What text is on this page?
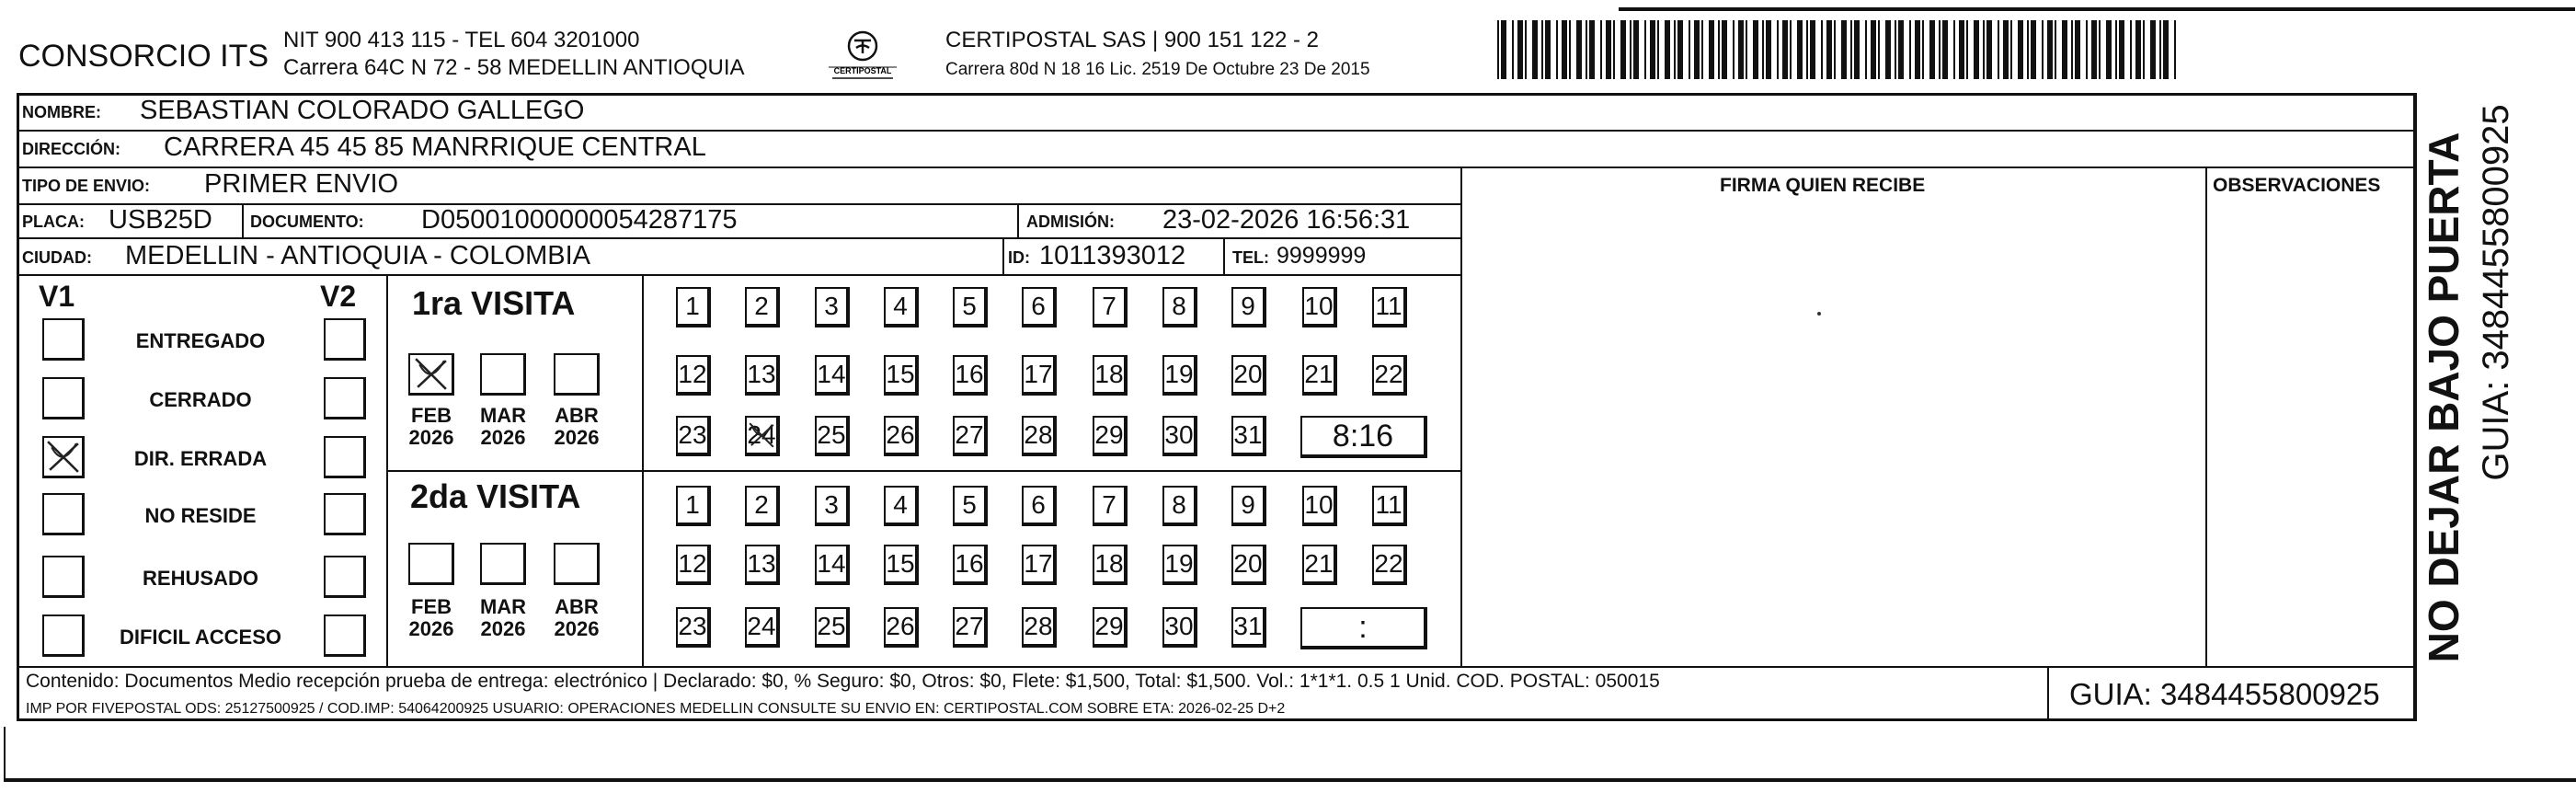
CONSORCIO ITS NIT 900 413 115 - TEL 604 3201000
Carrera 64C N 72 - 58 MEDELLIN ANTIOQUIA	CERTIPOSTAL
CERTIPOSTAL SAS | 900 151 122 - 2
Carrera 80d N 18 16 Lic. 2519 De Octubre 23 De 2015
NOMBRE: SEBASTIAN COLORADO GALLEGO
DIRECCIÓN: CARRERA 45 45 85 MANRRIQUE CENTRAL
TIPO DE ENVIO: PRIMER ENVIO
PLACA: USB25D DOCUMENTO: D05001000000054287175	ADMISIÓN: 23-02-2026 16:56:31
CIUDAD: MEDELLIN - ANTIOQUIA - COLOMBIA	ID: 1011393012	TEL: 9999999
FIRMA QUIEN RECIBE	OBSERVACIONES
V1	V2
ENTREGADO
CERRADO
DIR. ERRADA
NO RESIDE
REHUSADO
DIFICIL ACCESO
1ra VISITA
FEB
2026
MAR
2026
ABR
2026
1 2 3 4 5 6 7 8 9 10 11
12 13 14 15 16 17 18 19 20 21 22
23 24 25 26 27 28 29 30 31	8:16
2da VISITA
FEB
2026
MAR
2026
ABR
2026
1 2 3 4 5 6 7 8 9 10 11
12 13 14 15 16 17 18 19 20 21 22
23 24 25 26 27 28 29 30 31	:
Contenido: Documentos Medio recepción prueba de entrega: electrónico | Declarado: $0, % Seguro: $0, Otros: $0, Flete: $1,500, Total: $1,500. Vol.: 1*1*1. 0.5 1 Unid. COD. POSTAL: 050015
IMP POR FIVEPOSTAL ODS: 25127500925 / COD.IMP: 54064200925 USUARIO: OPERACIONES MEDELLIN CONSULTE SU ENVIO EN: CERTIPOSTAL.COM SOBRE ETA: 2026-02-25 D+2	GUIA: 3484455800925
NO DEJAR BAJO PUERTA GUIA: 3484455800925
